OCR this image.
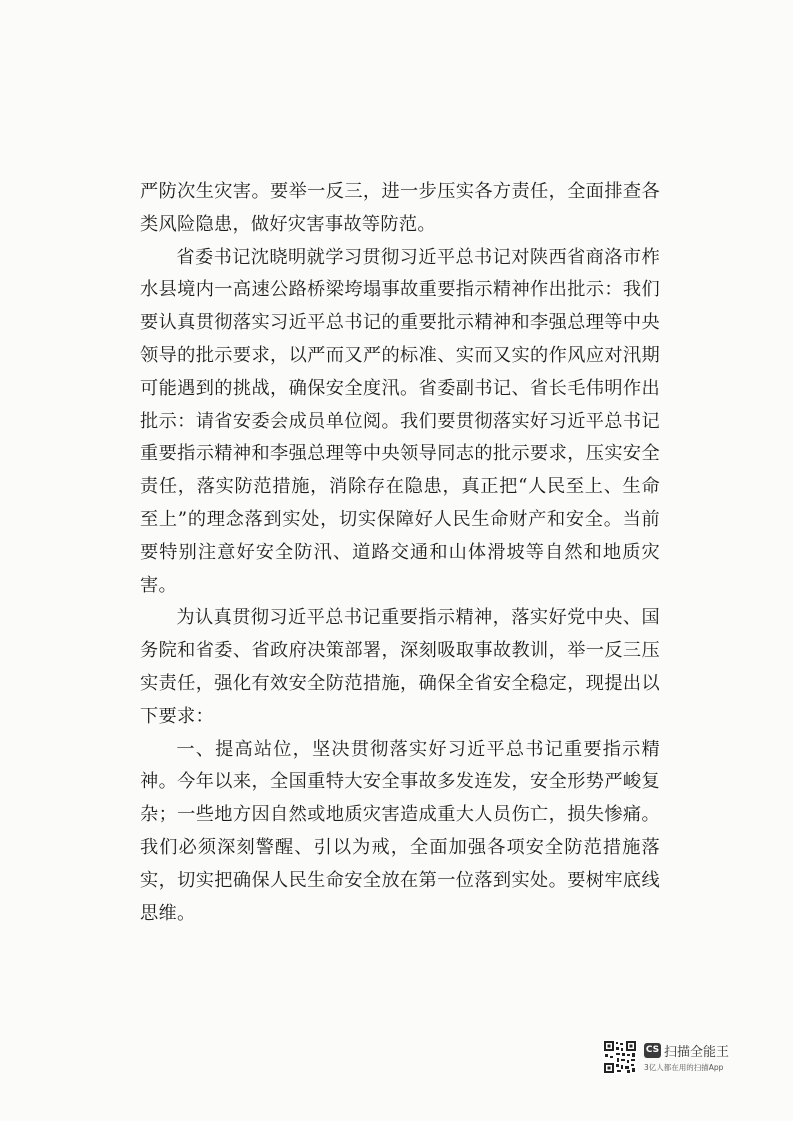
严防次生灾害。要举一反三，进一步压实各方责任，全面排查各类风险隐患，做好灾害事故等防范。

省委书记沈晓明就学习贯彻习近平总书记对陕西省商洛市柞水县境内一高速公路桥梁垮塌事故重要指示精神作出批示：我们要认真贯彻落实习近平总书记的重要批示精神和李强总理等中央领导的批示要求，以严而又严的标准、实而又实的作风应对汛期可能遇到的挑战，确保安全度汛。省委副书记、省长毛伟明作出批示：请省安委会成员单位阅。我们要贯彻落实好习近平总书记重要指示精神和李强总理等中央领导同志的批示要求，压实安全责任，落实防范措施，消除存在隐患，真正把“人民至上、生命至上”的理念落到实处，切实保障好人民生命财产和安全。当前要特别注意好安全防汛、道路交通和山体滑坡等自然和地质灾害。

为认真贯彻习近平总书记重要指示精神，落实好党中央、国务院和省委、省政府决策部署，深刻吸取事故教训，举一反三压实责任，强化有效安全防范措施，确保全省安全稳定，现提出以下要求：

一、提高站位，坚决贯彻落实好习近平总书记重要指示精神。今年以来，全国重特大安全事故多发连发，安全形势严峻复杂；一些地方因自然或地质灾害造成重大人员伤亡，损失惨痛。我们必须深刻警醒、引以为戒，全面加强各项安全防范措施落实，切实把确保人民生命安全放在第一位落到实处。要树牢底线思维。

CS 扫描全能王
3亿人都在用的扫描App
